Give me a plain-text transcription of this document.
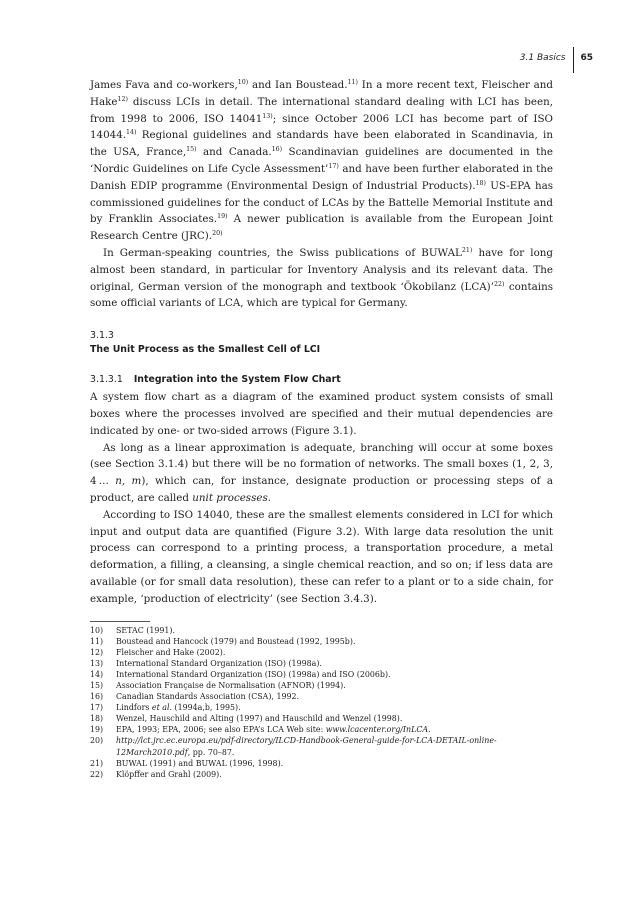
3.1 Basics 65

James Fava and co-workers,$^{10)}$ and Ian Boustead.$^{11)}$ In a more recent text, Fleischer and Hake$^{12)}$ discuss LCIs in detail. The international standard dealing with LCI has been, from 1998 to 2006, ISO 14041$^{13)}$; since October 2006 LCI has become part of ISO 14044.$^{14)}$ Regional guidelines and standards have been elaborated in Scandinavia, in the USA, France,$^{15)}$ and Canada.$^{16)}$ Scandinavian guidelines are documented in the ‘Nordic Guidelines on Life Cycle Assessment’$^{17)}$ and have been further elaborated in the Danish EDIP programme (Environmental Design of Industrial Products).$^{18)}$ US-EPA has commissioned guidelines for the conduct of LCAs by the Battelle Memorial Institute and by Franklin Associates.$^{19)}$ A newer publication is available from the European Joint Research Centre (JRC).$^{20)}$

In German-speaking countries, the Swiss publications of BUWAL$^{21)}$ have for long almost been standard, in particular for Inventory Analysis and its relevant data. The original, German version of the monograph and textbook ‘Ökobilanz (LCA)’$^{22)}$ contains some official variants of LCA, which are typical for Germany.

3.1.3
The Unit Process as the Smallest Cell of LCI
3.1.3.1 Integration into the System Flow Chart

A system flow chart as a diagram of the examined product system consists of small boxes where the processes involved are specified and their mutual dependencies are indicated by one- or two-sided arrows (Figure 3.1).

As long as a linear approximation is adequate, branching will occur at some boxes (see Section 3.1.4) but there will be no formation of networks. The small boxes (1, 2, 3, 4 … n, m), which can, for instance, designate production or processing steps of a product, are called unit processes.

According to ISO 14040, these are the smallest elements considered in LCI for which input and output data are quantified (Figure 3.2). With large data resolution the unit process can correspond to a printing process, a transportation procedure, a metal deformation, a filling, a cleansing, a single chemical reaction, and so on; if less data are available (or for small data resolution), these can refer to a plant or to a side chain, for example, ‘production of electricity’ (see Section 3.4.3).

10)	SETAC (1991).
11)	Boustead and Hancock (1979) and Boustead (1992, 1995b).
12)	Fleischer and Hake (2002).
13)	International Standard Organization (ISO) (1998a).
14)	International Standard Organization (ISO) (1998a) and ISO (2006b).
15)	Association Française de Normalisation (AFNOR) (1994).
16)	Canadian Standards Association (CSA), 1992.
17)	Lindfors et al. (1994a,b, 1995).
18)	Wenzel, Hauschild and Alting (1997) and Hauschild and Wenzel (1998).
19)	EPA, 1993; EPA, 2006; see also EPA’s LCA Web site: www.lcacenter.org/InLCA.
20)	http://lct.jrc.ec.europa.eu/pdf-directory/ILCD-Handbook-General-guide-for-LCA-DETAIL-online-12March2010.pdf, pp. 70–87.
21)	BUWAL (1991) and BUWAL (1996, 1998).
22)	Klöpffer and Grahl (2009).
